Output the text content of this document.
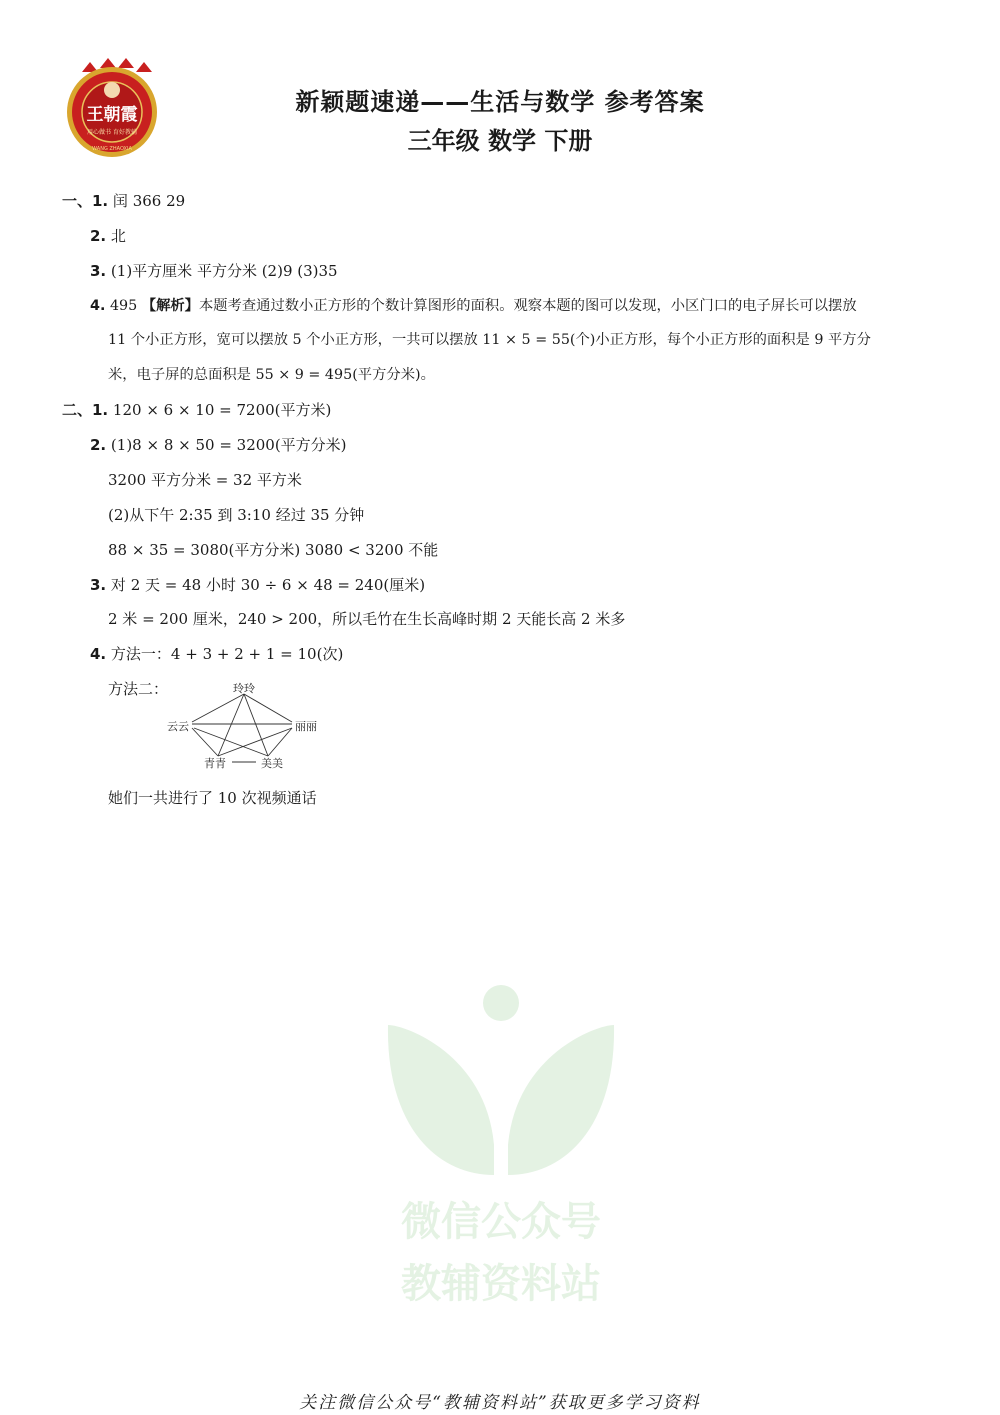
王朝霞
用心做书 育好教辅
WANG ZHAOXIA
新颖题速递——生活与数学 参考答案
三年级 数学 下册
一、1. 闰 366 29
2. 北
3. (1)平方厘米 平方分米 (2)9 (3)35
4. 495 【解析】本题考查通过数小正方形的个数计算图形的面积。观察本题的图可以发现，小区门口的电子屏长可以摆放
11 个小正方形，宽可以摆放 5 个小正方形，一共可以摆放 11 × 5 = 55(个)小正方形，每个小正方形的面积是 9 平方分
米，电子屏的总面积是 55 × 9 = 495(平方分米)。
二、1. 120 × 6 × 10 = 7200(平方米)
2. (1)8 × 8 × 50 = 3200(平方分米)
3200 平方分米 = 32 平方米
(2)从下午 2:35 到 3:10 经过 35 分钟
88 × 35 = 3080(平方分米) 3080 < 3200 不能
3. 对 2 天 = 48 小时 30 ÷ 6 × 48 = 240(厘米)
2 米 = 200 厘米，240 > 200，所以毛竹在生长高峰时期 2 天能长高 2 米多
4. 方法一：4 + 3 + 2 + 1 = 10(次)
方法二：	玲玲
云云	丽丽
青青	美美
她们一共进行了 10 次视频通话
微信公众号
教辅资料站
关注微信公众号“教辅资料站”获取更多学习资料
